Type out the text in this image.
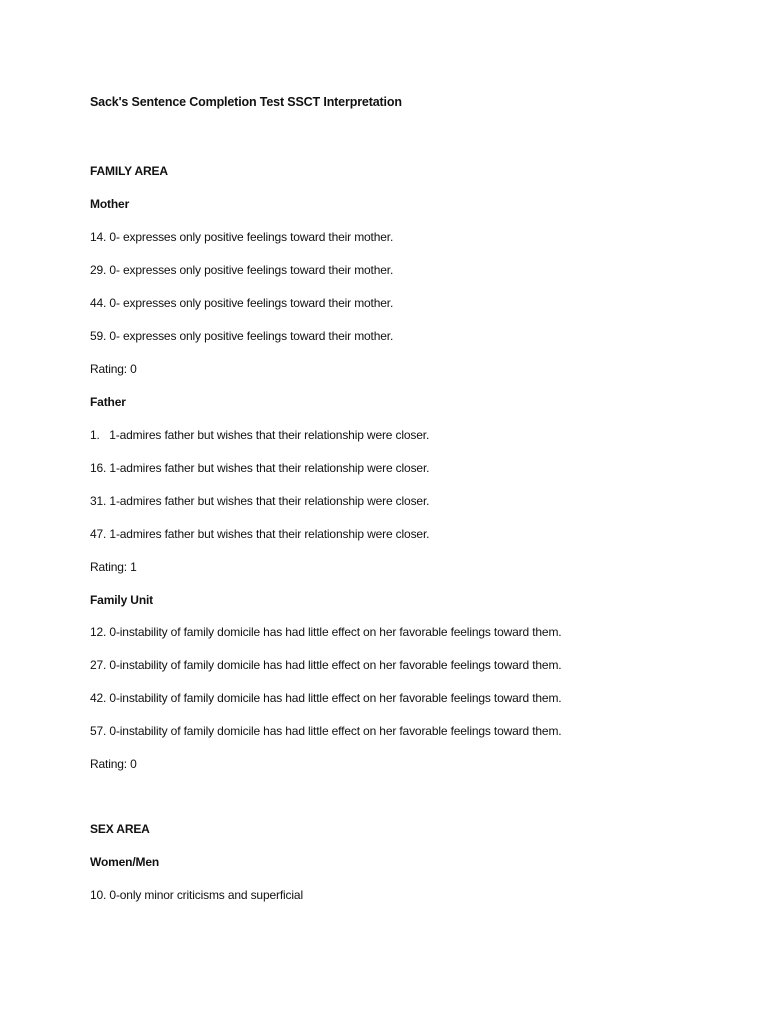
Sack's Sentence Completion Test SSCT Interpretation
FAMILY AREA
Mother
14. 0- expresses only positive feelings toward their mother.
29. 0- expresses only positive feelings toward their mother.
44. 0- expresses only positive feelings toward their mother.
59. 0- expresses only positive feelings toward their mother.
Rating: 0
Father
1.   1-admires father but wishes that their relationship were closer.
16. 1-admires father but wishes that their relationship were closer.
31. 1-admires father but wishes that their relationship were closer.
47. 1-admires father but wishes that their relationship were closer.
Rating: 1
Family Unit
12. 0-instability of family domicile has had little effect on her favorable feelings toward them.
27. 0-instability of family domicile has had little effect on her favorable feelings toward them.
42. 0-instability of family domicile has had little effect on her favorable feelings toward them.
57. 0-instability of family domicile has had little effect on her favorable feelings toward them.
Rating: 0
SEX AREA
Women/Men
10. 0-only minor criticisms and superficial
